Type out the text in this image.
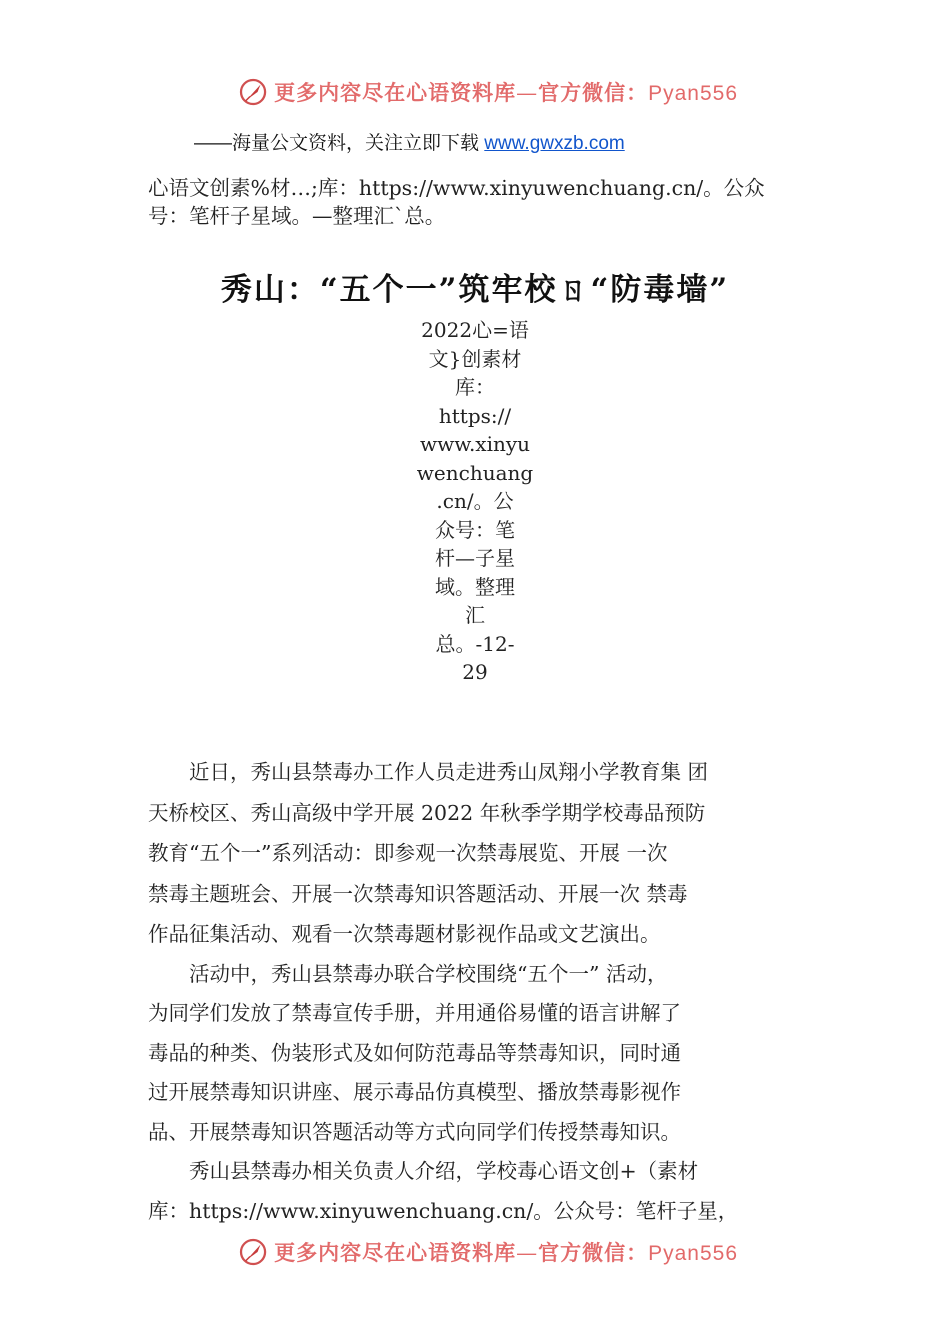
更多内容尽在心语资料库—官方微信：Pyan556
——海量公文资料，关注立即下载 www.gwxzb.com
心语文创素%材…;库：https://www.xinyuwenchuang.cn/。公众
号：笔杆子星域。—整理汇`总。
秀山：“五个一”筑牢校ㄖ“防毒墙”
2022心=语
文}创素材
库：
https://
www.xinyu
wenchuang
.cn/。公
众号：笔
杆—子星
域。整理
汇
总。-12-
29

近日，秀山县禁毒办工作人员走进秀山凤翔小学教育集 团

天桥校区、秀山高级中学开展 2022 年秋季学期学校毒品预防

教育“五个一”系列活动：即参观一次禁毒展览、开展 一次

禁毒主题班会、开展一次禁毒知识答题活动、开展一次 禁毒

作品征集活动、观看一次禁毒题材影视作品或文艺演出。

活动中，秀山县禁毒办联合学校围绕“五个一” 活动，

为同学们发放了禁毒宣传手册，并用通俗易懂的语言讲解了

毒品的种类、伪装形式及如何防范毒品等禁毒知识，同时通

过开展禁毒知识讲座、展示毒品仿真模型、播放禁毒影视作

品、开展禁毒知识答题活动等方式向同学们传授禁毒知识。

秀山县禁毒办相关负责人介绍，学校毒心语文创+（素材

库：https://www.xinyuwenchuang.cn/。公众号：笔杆子星，

更多内容尽在心语资料库—官方微信：Pyan556
